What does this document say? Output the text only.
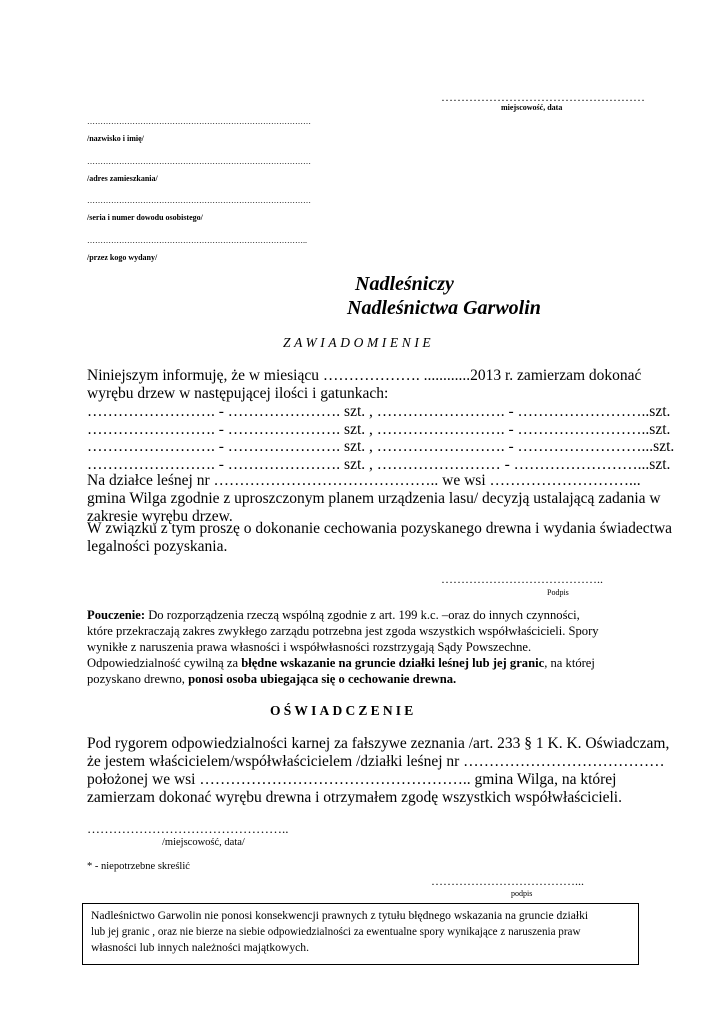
……………………………………………
miejscowość, data
…………………………………………………………………………
/nazwisko i imię/
…………………………………………………………………………
/adres zamieszkania/
…………………………………………………………………………
/seria i numer dowodu osobistego/
………………………………………………………………………..
/przez kogo wydany/
Nadleśniczy
Nadleśnictwa Garwolin
ZAWIADOMIENIE
Niniejszym informuję, że w miesiącu ………………. ............2013 r. zamierzam dokonać
wyrębu drzew w następującej ilości i gatunkach:
……………………. - …………………. szt. , ……………………. - ……………………..szt.
……………………. - …………………. szt. , ……………………. - ……………………..szt.
……………………. - …………………. szt. , ……………………. - ……………………...szt.
……………………. - …………………. szt. , …………………… - ……………………...szt.
Na działce leśnej nr …………………………………….. we wsi ………………………...
gmina Wilga zgodnie z uproszczonym planem urządzenia lasu/ decyzją ustalającą zadania w
zakresie wyrębu drzew.
W związku z tym proszę o dokonanie cechowania pozyskanego drewna i wydania świadectwa
legalności pozyskania.
…………………………………..
Podpis
Pouczenie: Do rozporządzenia rzeczą wspólną zgodnie z art. 199 k.c. –oraz do innych czynności,
które przekraczają zakres zwykłego zarządu potrzebna jest zgoda wszystkich współwłaścicieli. Spory
wynikłe z naruszenia prawa własności i współwłasności rozstrzygają Sądy Powszechne.
Odpowiedzialność cywilną za błędne wskazanie na gruncie działki leśnej lub jej granic, na której
pozyskano drewno, ponosi osoba ubiegająca się o cechowanie drewna.
OŚWIADCZENIE
Pod rygorem odpowiedzialności karnej za fałszywe zeznania /art. 233 § 1 K. K. Oświadczam,
że jestem właścicielem/współwłaścicielem /działki leśnej nr …………………………………
położonej we wsi …………………………………………….. gmina Wilga, na której
zamierzam dokonać wyrębu drewna i otrzymałem zgodę wszystkich współwłaścicieli.
………………………………………..
/miejscowość, data/
* - niepotrzebne skreślić
………………………………...
podpis
Nadleśnictwo Garwolin nie ponosi konsekwencji prawnych z tytułu błędnego wskazania na gruncie działki
lub jej granic , oraz nie bierze na siebie odpowiedzialności za ewentualne spory wynikające z naruszenia praw
własności lub innych należności majątkowych.
